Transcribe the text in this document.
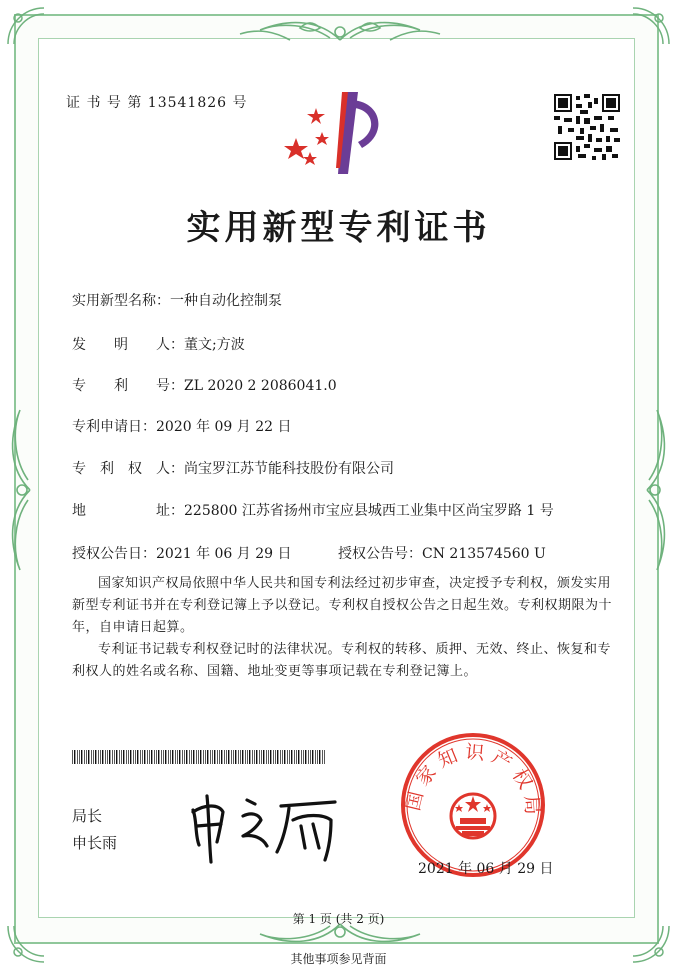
证 书 号 第 13541826 号
实用新型专利证书
实用新型名称：一种自动化控制泵
发　　明　　人：董文;方波
专　　利　　号：ZL 2020 2 2086041.0
专利申请日：2020 年 09 月 22 日
专　利　权　人：尚宝罗江苏节能科技股份有限公司
地　　　　　址：225800 江苏省扬州市宝应县城西工业集中区尚宝罗路 1 号
授权公告日：2021 年 06 月 29 日	授权公告号：CN 213574560 U
国家知识产权局依照中华人民共和国专利法经过初步审查，决定授予专利权，颁发实用新型专利证书并在专利登记簿上予以登记。专利权自授权公告之日起生效。专利权期限为十年，自申请日起算。
专利证书记载专利权登记时的法律状况。专利权的转移、质押、无效、终止、恢复和专利权人的姓名或名称、国籍、地址变更等事项记载在专利登记簿上。
局长
申长雨
国家知识产权局
2021 年 06 月 29 日
第 1 页 (共 2 页)
其他事项参见背面
